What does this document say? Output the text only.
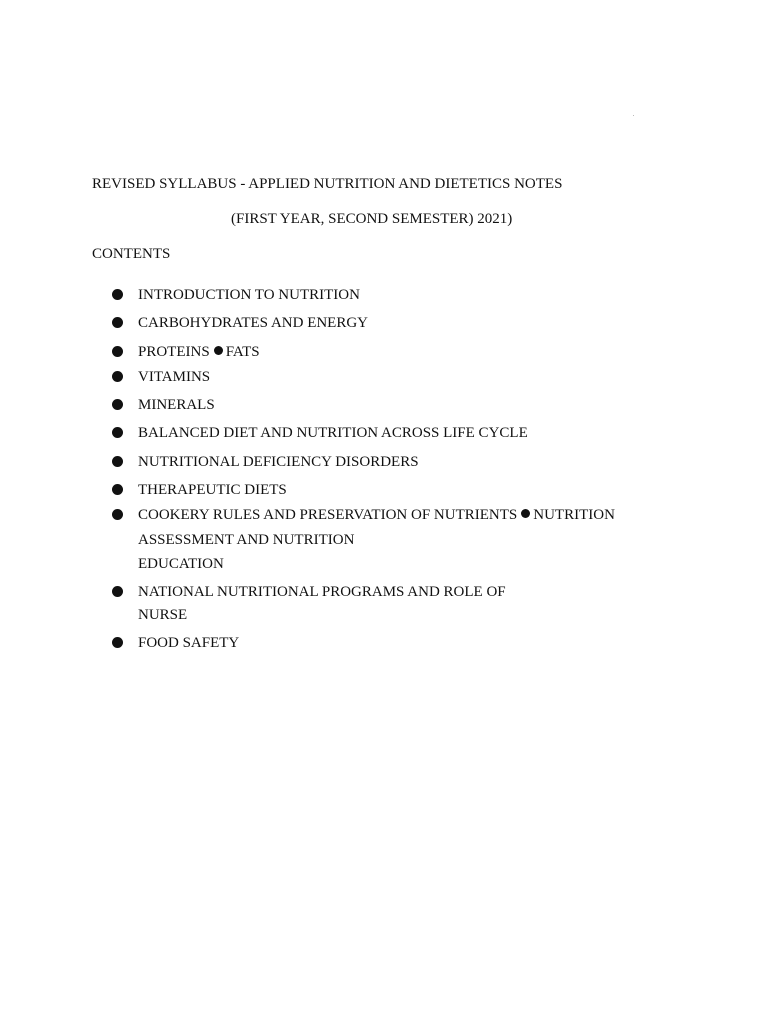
REVISED SYLLABUS - APPLIED NUTRITION AND DIETETICS NOTES
(FIRST YEAR, SECOND SEMESTER) 2021)
CONTENTS
INTRODUCTION TO NUTRITION
CARBOHYDRATES AND ENERGY
PROTEINS FATS
VITAMINS
MINERALS
BALANCED DIET AND NUTRITION ACROSS LIFE CYCLE
NUTRITIONAL DEFICIENCY DISORDERS
THERAPEUTIC DIETS
COOKERY RULES AND PRESERVATION OF NUTRIENTS NUTRITION
ASSESSMENT AND NUTRITION
EDUCATION
NATIONAL NUTRITIONAL PROGRAMS AND ROLE OF
NURSE
FOOD SAFETY
